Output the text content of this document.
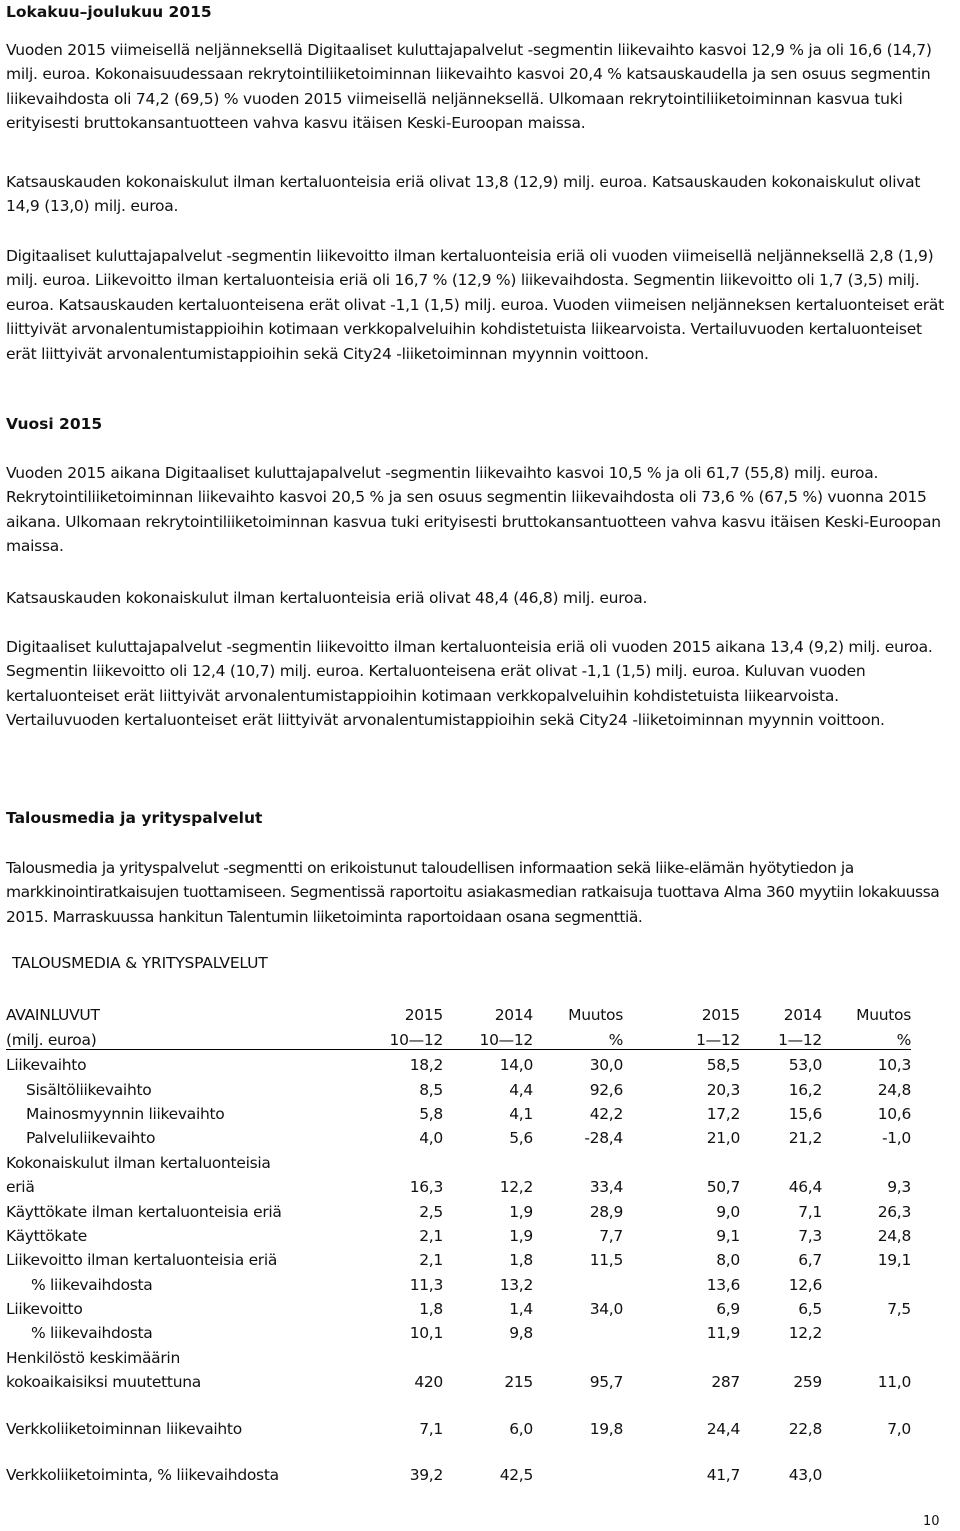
Lokakuu–joulukuu 2015

Vuoden 2015 viimeisellä neljänneksellä Digitaaliset kuluttajapalvelut -segmentin liikevaihto kasvoi 12,9 % ja oli 16,6 (14,7) milj. euroa. Kokonaisuudessaan rekrytointiliiketoiminnan liikevaihto kasvoi 20,4 % katsauskaudella ja sen osuus segmentin liikevaihdosta oli 74,2 (69,5) % vuoden 2015 viimeisellä neljänneksellä. Ulkomaan rekrytointiliiketoiminnan kasvua tuki erityisesti bruttokansantuotteen vahva kasvu itäisen Keski-Euroopan maissa.

Katsauskauden kokonaiskulut ilman kertaluonteisia eriä olivat 13,8 (12,9) milj. euroa. Katsauskauden kokonaiskulut olivat 14,9 (13,0) milj. euroa.

Digitaaliset kuluttajapalvelut -segmentin liikevoitto ilman kertaluonteisia eriä oli vuoden viimeisellä neljänneksellä 2,8 (1,9) milj. euroa. Liikevoitto ilman kertaluonteisia eriä oli 16,7 % (12,9 %) liikevaihdosta. Segmentin liikevoitto oli 1,7 (3,5) milj. euroa. Katsauskauden kertaluonteisena erät olivat -1,1 (1,5) milj. euroa. Vuoden viimeisen neljänneksen kertaluonteiset erät liittyivät arvonalentumistappioihin kotimaan verkkopalveluihin kohdistetuista liikearvoista. Vertailuvuoden kertaluonteiset erät liittyivät arvonalentumistappioihin sekä City24 -liiketoiminnan myynnin voittoon.

Vuosi 2015

Vuoden 2015 aikana Digitaaliset kuluttajapalvelut -segmentin liikevaihto kasvoi 10,5 % ja oli 61,7 (55,8) milj. euroa. Rekrytointiliiketoiminnan liikevaihto kasvoi 20,5 % ja sen osuus segmentin liikevaihdosta oli 73,6 % (67,5 %) vuonna 2015 aikana. Ulkomaan rekrytointiliiketoiminnan kasvua tuki erityisesti bruttokansantuotteen vahva kasvu itäisen Keski-Euroopan maissa.

Katsauskauden kokonaiskulut ilman kertaluonteisia eriä olivat 48,4 (46,8) milj. euroa.

Digitaaliset kuluttajapalvelut -segmentin liikevoitto ilman kertaluonteisia eriä oli vuoden 2015 aikana 13,4 (9,2) milj. euroa. Segmentin liikevoitto oli 12,4 (10,7) milj. euroa. Kertaluonteisena erät olivat -1,1 (1,5) milj. euroa. Kuluvan vuoden kertaluonteiset erät liittyivät arvonalentumistappioihin kotimaan verkkopalveluihin kohdistetuista liikearvoista. Vertailuvuoden kertaluonteiset erät liittyivät arvonalentumistappioihin sekä City24 -liiketoiminnan myynnin voittoon.

Talousmedia ja yrityspalvelut

Talousmedia ja yrityspalvelut -segmentti on erikoistunut taloudellisen informaation sekä liike-elämän hyötytiedon ja markkinointiratkaisujen tuottamiseen. Segmentissä raportoitu asiakasmedian ratkaisuja tuottava Alma 360 myytiin lokakuussa 2015. Marraskuussa hankitun Talentumin liiketoiminta raportoidaan osana segmenttiä.

TALOUSMEDIA & YRITYSPALVELUT
AVAINLUVUT	2015	2014	Muutos	2015	2014	Muutos
(milj. euroa)	10—12	10—12	%	1—12	1—12	%
Liikevaihto	18,2	14,0	30,0	58,5	53,0	10,3
Sisältöliikevaihto	8,5	4,4	92,6	20,3	16,2	24,8
Mainosmyynnin liikevaihto	5,8	4,1	42,2	17,2	15,6	10,6
Palveluliikevaihto	4,0	5,6	-28,4	21,0	21,2	-1,0
Kokonaiskulut ilman kertaluonteisia						
eriä	16,3	12,2	33,4	50,7	46,4	9,3
Käyttökate ilman kertaluonteisia eriä	2,5	1,9	28,9	9,0	7,1	26,3
Käyttökate	2,1	1,9	7,7	9,1	7,3	24,8
Liikevoitto ilman kertaluonteisia eriä	2,1	1,8	11,5	8,0	6,7	19,1
% liikevaihdosta	11,3	13,2		13,6	12,6	
Liikevoitto	1,8	1,4	34,0	6,9	6,5	7,5
% liikevaihdosta	10,1	9,8		11,9	12,2	
Henkilöstö keskimäärin						
kokoaikaisiksi muutettuna	420	215	95,7	287	259	11,0

Verkkoliiketoiminnan liikevaihto	7,1	6,0	19,8	24,4	22,8	7,0

Verkkoliiketoiminta, % liikevaihdosta	39,2	42,5		41,7	43,0	
10
